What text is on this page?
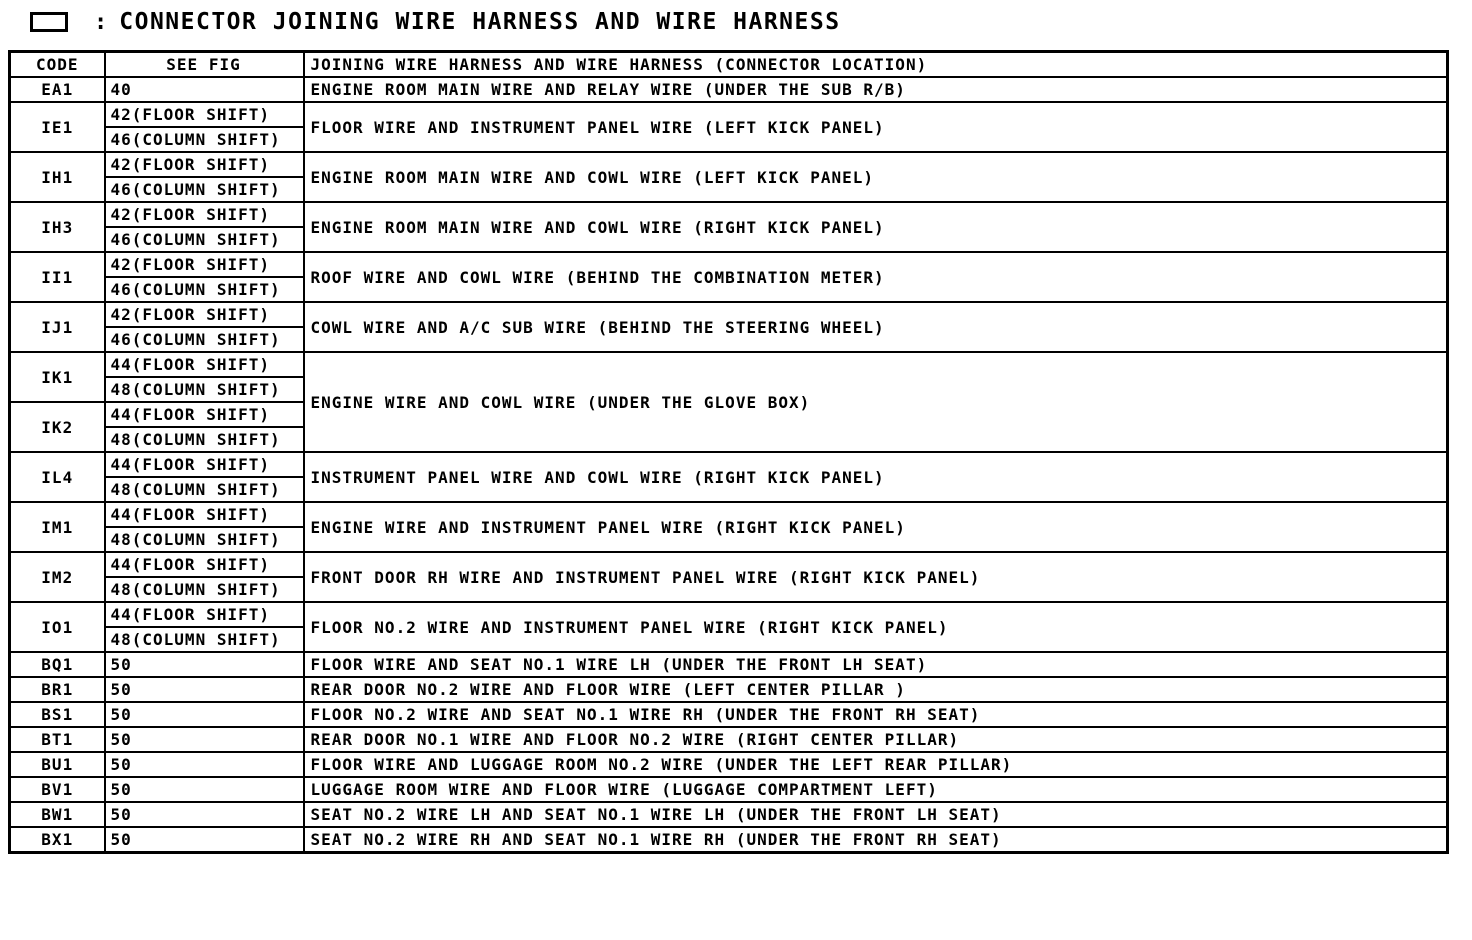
: CONNECTOR JOINING WIRE HARNESS AND WIRE HARNESS
CODE	SEE FIG	JOINING WIRE HARNESS AND WIRE HARNESS (CONNECTOR LOCATION)
EA1	40	ENGINE ROOM MAIN WIRE AND RELAY WIRE (UNDER THE SUB R/B)
IE1	42(FLOOR SHIFT)	FLOOR WIRE AND INSTRUMENT PANEL WIRE (LEFT KICK PANEL)
	46(COLUMN SHIFT)	
IH1	42(FLOOR SHIFT)	ENGINE ROOM MAIN WIRE AND COWL WIRE (LEFT KICK PANEL)
	46(COLUMN SHIFT)	
IH3	42(FLOOR SHIFT)	ENGINE ROOM MAIN WIRE AND COWL WIRE (RIGHT KICK PANEL)
	46(COLUMN SHIFT)	
II1	42(FLOOR SHIFT)	ROOF WIRE AND COWL WIRE (BEHIND THE COMBINATION METER)
	46(COLUMN SHIFT)	
IJ1	42(FLOOR SHIFT)	COWL WIRE AND A/C SUB WIRE (BEHIND THE STEERING WHEEL)
	46(COLUMN SHIFT)	
IK1	44(FLOOR SHIFT)	ENGINE WIRE AND COWL WIRE (UNDER THE GLOVE BOX)
	48(COLUMN SHIFT)	
IK2	44(FLOOR SHIFT)	
	48(COLUMN SHIFT)	
IL4	44(FLOOR SHIFT)	INSTRUMENT PANEL WIRE AND COWL WIRE (RIGHT KICK PANEL)
	48(COLUMN SHIFT)	
IM1	44(FLOOR SHIFT)	ENGINE WIRE AND INSTRUMENT PANEL WIRE (RIGHT KICK PANEL)
	48(COLUMN SHIFT)	
IM2	44(FLOOR SHIFT)	FRONT DOOR RH WIRE AND INSTRUMENT PANEL WIRE (RIGHT KICK PANEL)
	48(COLUMN SHIFT)	
IO1	44(FLOOR SHIFT)	FLOOR NO.2 WIRE AND INSTRUMENT PANEL WIRE (RIGHT KICK PANEL)
	48(COLUMN SHIFT)	
BQ1	50	FLOOR WIRE AND SEAT NO.1 WIRE LH (UNDER THE FRONT LH SEAT)
BR1	50	REAR DOOR NO.2 WIRE AND FLOOR WIRE (LEFT CENTER PILLAR )
BS1	50	FLOOR NO.2 WIRE AND SEAT NO.1 WIRE RH (UNDER THE FRONT RH SEAT)
BT1	50	REAR DOOR NO.1 WIRE AND FLOOR NO.2 WIRE (RIGHT CENTER PILLAR)
BU1	50	FLOOR WIRE AND LUGGAGE ROOM NO.2 WIRE (UNDER THE LEFT REAR PILLAR)
BV1	50	LUGGAGE ROOM WIRE AND FLOOR WIRE (LUGGAGE COMPARTMENT LEFT)
BW1	50	SEAT NO.2 WIRE LH AND SEAT NO.1 WIRE LH (UNDER THE FRONT LH SEAT)
BX1	50	SEAT NO.2 WIRE RH AND SEAT NO.1 WIRE RH (UNDER THE FRONT RH SEAT)
